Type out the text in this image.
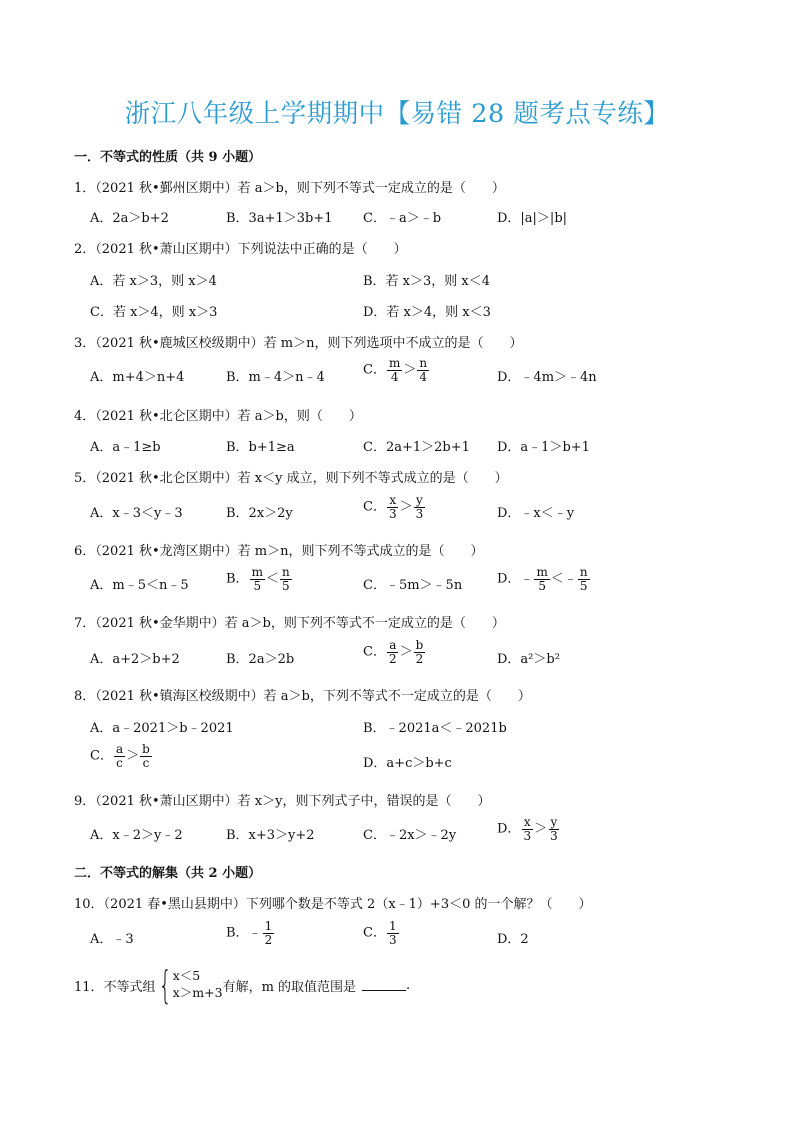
浙江八年级上学期期中【易错 28 题考点专练】
一．不等式的性质（共 9 小题）
1．（2021 秋•鄞州区期中）若 a＞b，则下列不等式一定成立的是（　　）
A．2a＞b+2	B．3a+1＞3b+1 C．﹣a＞﹣b	D．|a|＞|b|
2．（2021 秋•萧山区期中）下列说法中正确的是（　　）
A．若 x＞3，则 x＞4	B．若 x＞3，则 x＜4
C．若 x＞4，则 x＞3	D．若 x＞4，则 x＜3
3．（2021 秋•鹿城区校级期中）若 m＞n，则下列选项中不成立的是（　　）
A．m+4＞n+4	B．m﹣4＞n﹣4	C． $\frac{m}{4} > \frac{n}{4}$	D．﹣4m＞﹣4n
4．（2021 秋•北仑区期中）若 a＞b，则（　　）
A．a﹣1≥b	B．b+1≥a	C．2a+1＞2b+1 D．a﹣1＞b+1
5．（2021 秋•北仑区期中）若 x＜y 成立，则下列不等式成立的是（　　）
A．x﹣3＜y﹣3	B．2x＞2y	C． $\frac{x}{3} > \frac{y}{3}$	D．﹣x＜﹣y
6．（2021 秋•龙湾区期中）若 m＞n，则下列不等式成立的是（　　）
A．m﹣5＜n﹣5	B． $\frac{m}{5} < \frac{n}{5}$	C．﹣5m＞﹣5n	D．﹣ $\frac{m}{5}$ ＜﹣ $\frac{n}{5}$
7．（2021 秋•金华期中）若 a＞b，则下列不等式不一定成立的是（　　）
A．a+2＞b+2	B．2a＞2b	C． $\frac{a}{2} > \frac{b}{2}$	D．a²＞b²
8．（2021 秋•镇海区校级期中）若 a＞b，下列不等式不一定成立的是（　　）
A．a﹣2021＞b﹣2021	B．﹣2021a＜﹣2021b
C． $\frac{a}{c} > \frac{b}{c}$	D．a+c＞b+c
9．（2021 秋•萧山区期中）若 x＞y，则下列式子中，错误的是（　　）
A．x﹣2＞y﹣2	B．x+3＞y+2	C．﹣2x＞﹣2y	D． $\frac{x}{3} > \frac{y}{3}$
二．不等式的解集（共 2 小题）
10．（2021 春•黑山县期中）下列哪个数是不等式 2（x﹣1）+3＜0 的一个解？（　　）
A．﹣3	B．﹣ $\frac{1}{2}$	C． $\frac{1}{3}$	D．2
11．不等式组 { x＜5
x＞m+3 有解，m 的取值范围是	.
